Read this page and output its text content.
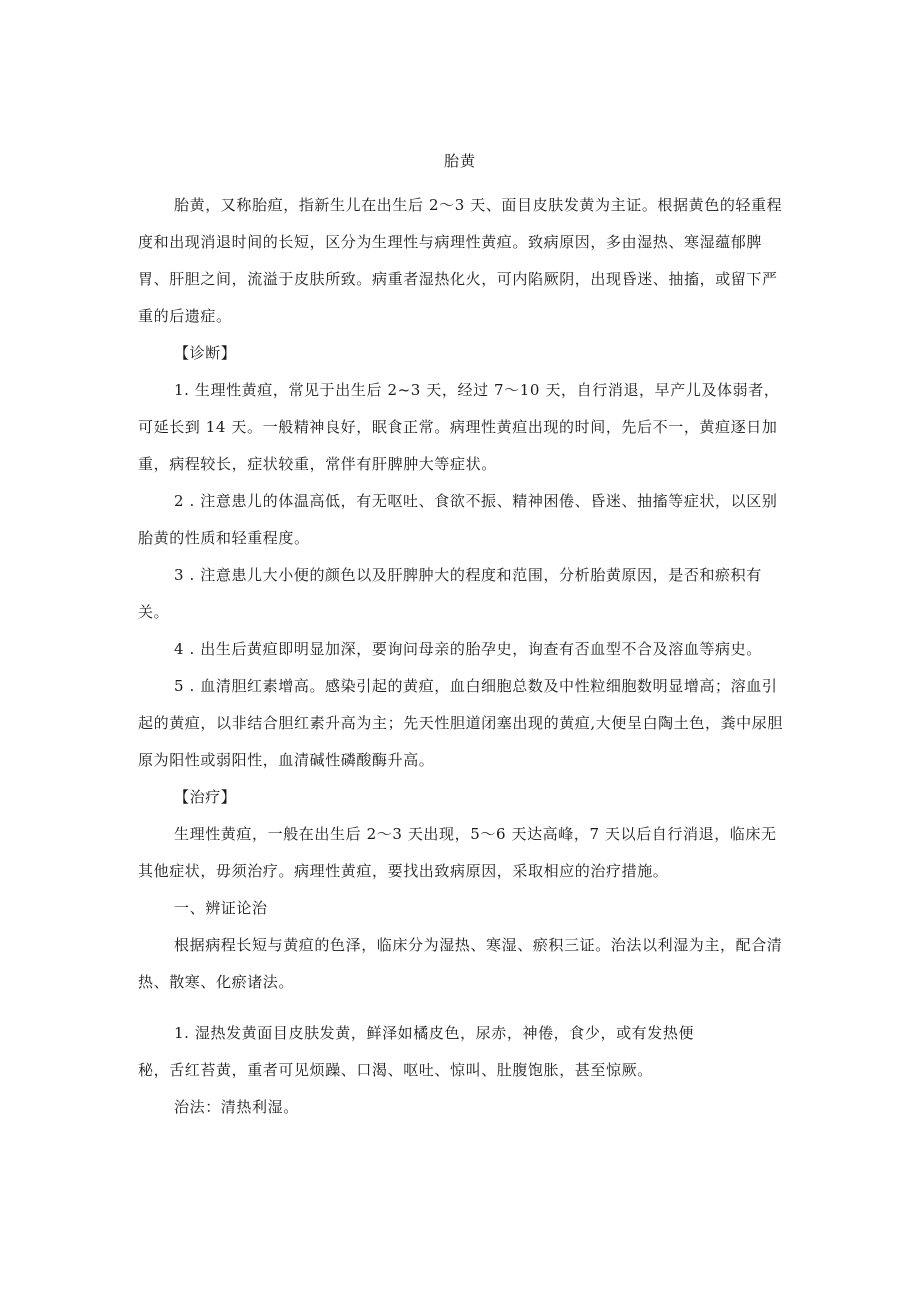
胎黄

胎黄，又称胎疸，指新生儿在出生后 2～3 天、面目皮肤发黄为主证。根据黄色的轻重程度和出现消退时间的长短，区分为生理性与病理性黄疸。致病原因，多由湿热、寒湿蕴郁脾胃、肝胆之间，流溢于皮肤所致。病重者湿热化火，可内陷厥阴，出现昏迷、抽搐，或留下严重的后遗症。

【诊断】

1. 生理性黄疸，常见于出生后 2~3 天，经过 7～10 天，自行消退，早产儿及体弱者，可延长到 14 天。一般精神良好，眠食正常。病理性黄疸出现的时间，先后不一，黄疸逐日加重，病程较长，症状较重，常伴有肝脾肿大等症状。

2 . 注意患儿的体温高低，有无呕吐、食欲不振、精神困倦、昏迷、抽搐等症状，以区别胎黄的性质和轻重程度。

3 . 注意患儿大小便的颜色以及肝脾肿大的程度和范围，分析胎黄原因，是否和瘀积有关。

4 . 出生后黄疸即明显加深，要询问母亲的胎孕史，询查有否血型不合及溶血等病史。

5 . 血清胆红素增高。感染引起的黄疸，血白细胞总数及中性粒细胞数明显增高；溶血引起的黄疸，以非结合胆红素升高为主；先天性胆道闭塞出现的黄疸,大便呈白陶土色，粪中尿胆原为阳性或弱阳性，血清碱性磷酸酶升高。

【治疗】

生理性黄疸，一般在出生后 2～3 天出现，5～6 天达高峰，7 天以后自行消退，临床无其他症状，毋须治疗。病理性黄疸，要找出致病原因，采取相应的治疗措施。

一、辨证论治

根据病程长短与黄疸的色泽，临床分为湿热、寒湿、瘀积三证。治法以利湿为主，配合清热、散寒、化瘀诸法。

1. 湿热发黄面目皮肤发黄，鲜泽如橘皮色，尿赤，神倦，食少，或有发热便

秘，舌红苔黄，重者可见烦躁、口渴、呕吐、惊叫、肚腹饱胀，甚至惊厥。

治法：清热利湿。
